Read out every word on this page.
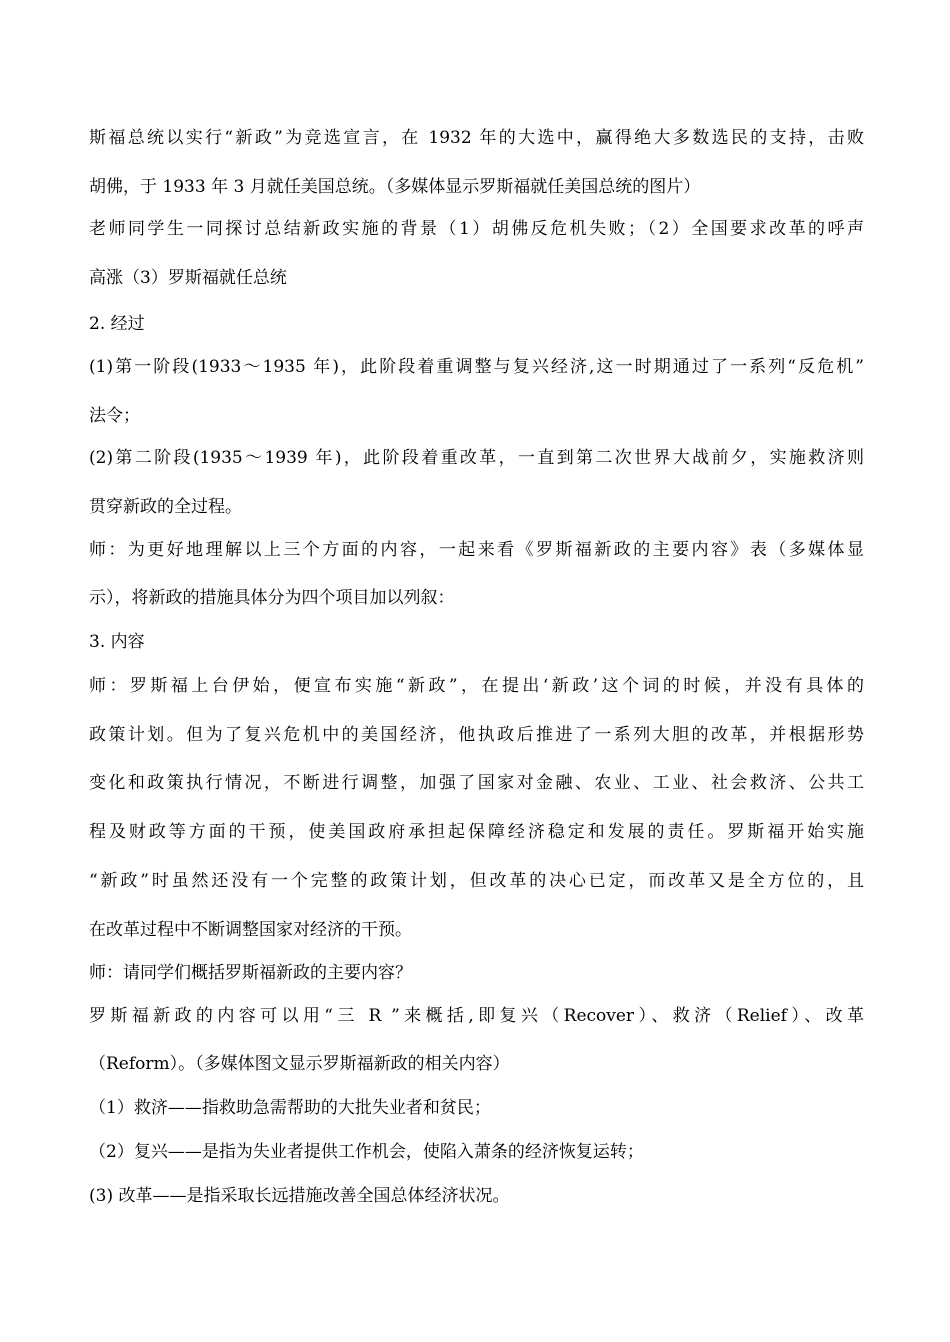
斯福总统以实行“新政”为竞选宣言，在 1932 年的大选中，赢得绝大多数选民的支持，击败
胡佛，于 1933 年 3 月就任美国总统。（多媒体显示罗斯福就任美国总统的图片）
老师同学生一同探讨总结新政实施的背景（1）胡佛反危机失败；（2）全国要求改革的呼声
高涨（3）罗斯福就任总统
2. 经过
(1)第一阶段(1933～1935 年)，此阶段着重调整与复兴经济,这一时期通过了一系列“反危机”
法令；
(2)第二阶段(1935～1939 年)，此阶段着重改革，一直到第二次世界大战前夕，实施救济则
贯穿新政的全过程。
师：为更好地理解以上三个方面的内容，一起来看《罗斯福新政的主要内容》表（多媒体显
示），将新政的措施具体分为四个项目加以列叙：
3. 内容
师：罗斯福上台伊始，便宣布实施“新政”，在提出‘新政’这个词的时候，并没有具体的
政策计划。但为了复兴危机中的美国经济，他执政后推进了一系列大胆的改革，并根据形势
变化和政策执行情况，不断进行调整，加强了国家对金融、农业、工业、社会救济、公共工
程及财政等方面的干预，使美国政府承担起保障经济稳定和发展的责任。罗斯福开始实施
“新政”时虽然还没有一个完整的政策计划，但改革的决心已定，而改革又是全方位的，且
在改革过程中不断调整国家对经济的干预。
师：请同学们概括罗斯福新政的主要内容？
罗斯福新政的内容可以用“三 R ”来概括,即复兴（Recover）、救济（Relief）、改革
（Reform）。（多媒体图文显示罗斯福新政的相关内容）
（1）救济——指救助急需帮助的大批失业者和贫民；
（2）复兴——是指为失业者提供工作机会，使陷入萧条的经济恢复运转；
(3) 改革——是指采取长远措施改善全国总体经济状况。
